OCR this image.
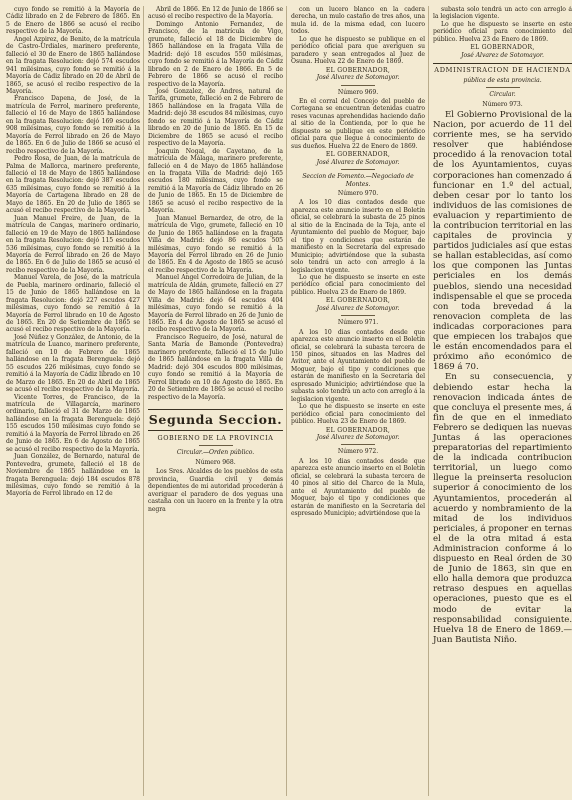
cuyo fondo se remitió á la Mayoría de Cádiz librado en 2 de Febrero de 1865. En 5 de Enero de 1866 se acusó el recibo respectivo de la Mayoría.

Angel Azpirez, de Benito, de la matrícula de Castro-Urdiales, marinero preferente, falleció el 30 de Enero de 1865 hallándose en la fragata Resolucion: dejó 574 escudos 941 milésimas, cuyo fondo se remitió á la Mayoría de Cádiz librado en 20 de Abril de 1865, se acusó el recibo respectivo de la Mayoría.

Francisco Dapena, de José, de la matrícula de Ferrol, marinero preferente, falleció el 16 de Mayo de 1865 hallándose en la fragata Resolucion: dejó 169 escudos 908 milésimas, cuyo fondo se remitió á la Mayoría de Ferrol librado en 26 de Mayo de 1865. En 6 de Julio de 1866 se acusó el recibo respectivo de la Mayoría.

Pedro Rosa, de Juan, de la matrícula de Palma de Mallorca, marinero preferente, falleció el 18 de Mayo de 1865 hallándose en la fragata Resolucion: dejó 387 escudos 635 milésimas, cuyo fondo se remitió á la Mayoría de Cartagena librado en 28 de Mayo de 1865. En 20 de Julio de 1865 se acusó el recibo respectivo de la Mayoría.

Juan Manuel Freire, de Juan, de la matrícula de Cangas, marinero ordinario, falleció en 19 de Mayo de 1865 hallándose en la fragata Resolucion: dejó 115 escudos 536 milésimas, cuyo fondo se remitió á la Mayoría de Ferrol librado en 26 de Mayo de 1865. En 6 de Julio de 1865 se acusó el recibo respectivo de la Mayoría.

Manuel Varela, de José, de la matrícula de Puebla, marinero ordinario, falleció el 15 de Junio de 1865 hallándose en la fragata Resolucion: dejó 227 escudos 427 milésimas, cuyo fondo se remitió á la Mayoría de Ferrol librado en 10 de Agosto de 1865. En 20 de Setiembre de 1865 se acusó el recibo respectivo de la Mayoría.

José Núñez y González, de Antonio, de la matrícula de Luanco, marinero preferente, falleció en 10 de Febrero de 1865 hallándose en la fragata Berenguela: dejó 55 escudos 226 milésimas, cuyo fondo se remitió á la Mayoría de Cádiz librado en 10 de Marzo de 1865. En 20 de Abril de 1865 se acusó el recibo respectivo de la Mayoría.

Vicente Torres, de Francisco, de la matrícula de Villagarcía, marinero ordinario, falleció el 31 de Marzo de 1865 hallándose en la fragata Berenguela: dejó 155 escudos 150 milésimas cuyo fondo se remitió á la Mayoría de Ferrol librado en 26 de Junio de 1865. En 6 de Agosto de 1865 se acusó el recibo respectivo de la Mayoría.

Juan González, de Bernardo, natural de Pontevedra, grumete, falleció el 18 de Noviembre de 1865 hallándose en la fragata Berenguela: dejó 184 escudos 878 milésimas, cuyo fondo se remitió á la Mayoría de Ferrol librado en 12 de

Abril de 1866. En 12 de Junio de 1866 se acusó el recibo respectivo de la Mayoría.

Domingo Antonio Fernandez, de Francisco, de la matrícula de Vigo, grumete, falleció el 18 de Diciembre de 1865 hallándose en la fragata Villa de Madrid: dejó 18 escudos 550 milésimas, cuyo fondo se remitió á la Mayoría de Cádiz librado en 2 de Enero de 1866. En 5 de Febrero de 1866 se acusó el recibo respectivo de la Mayoría.

José Gonzalez, de Andres, natural de Tarifa, grumete, falleció en 2 de Febrero de 1865 hallándose en la fragata Villa de Madrid: dejó 38 escudos 84 milésimas, cuyo fondo se remitió á la Mayoría de Cádiz librado en 20 de Junio de 1865. En 15 de Diciembre de 1865 se acusó el recibo respectivo de la Mayoría.

Joaquin Nogal, de Cayetano, de la matrícula de Málaga, marinero preferente, falleció en 4 de Mayo de 1865 hallándose en la fragata Villa de Madrid: dejó 165 escudos 180 milésimas, cuyo fondo se remitió á la Mayoría de Cádiz librado en 26 de Junio de 1865. En 15 de Diciembre de 1865 se acusó el recibo respectivo de la Mayoría.

Juan Manuel Bernardez, de otro, de la matrícula de Vigo, grumete, falleció en 10 de Junio de 1865 hallándose en la fragata Villa de Madrid: dejó 86 escudos 505 milésimas, cuyo fondo se remitió á la Mayoría del Ferrol librado en 26 de Junio de 1865. En 4 de Agosto de 1865 se acusó el recibo respectivo de la Mayoría.

Manuel Angel Corredoira de Julian, de la matrícula de Aldán, grumete, falleció en 27 de Mayo de 1865 hallándose en la fragata Villa de Madrid: dejó 64 escudos 404 milésimas, cuyo fondo se remitió á la Mayoría de Ferrol librado en 26 de Junio de 1865. En 4 de Agosto de 1865 se acusó el recibo respectivo de la Mayoría.

Francisco Regueiro, de José, natural de Santa María de Bamonde (Pontevedra) marinero preferente, falleció el 15 de Julio de 1865 hallándose en la fragata Villa de Madrid: dejó 304 escudos 800 milésimas, cuyo fondo se remitió á la Mayoría de Ferrol librado en 10 de Agosto de 1865. En 20 de Setiembre de 1865 se acusó el recibo respectivo de la Mayoría.

Segunda Seccion.

GOBIERNO DE LA PROVINCIA

Circular.—Orden público.

Número 968.

Los Sres. Alcaldes de los pueblos de esta provincia, Guardia civil y demás dependientes de mi autoridad procederán á averiguar el paradero de dos yeguas una castaña con un lucero en la frente y la otra negra

con un lucero blanco en la cadera derecha, un mulo castaño de tres años, una mula id. de la misma edad, con lucero todos.

Lo que he dispuesto se publique en el periódico oficial para que averiguen su paradero y sean entregados al Juez de Osuna. Huelva 22 de Enero de 1869.

EL GOBERNADOR,

José Alvarez de Sotomayor.

Número 969.

En el corral del Concejo del pueblo de Cortegana se encuentran detenidas cuatro reses vacunas aprehendidas haciendo daño al sitio de la Contienda, por lo que he dispuesto se publique en este periódico oficial para que llegue á conocimiento de sus dueños. Huelva 22 de Enero de 1869.

EL GOBERNADOR,

José Alvarez de Sotomayor.

Seccion de Fomento.—Negociado de Montes.

Número 970.

A los 10 dias contados desde que aparezca este anuncio inserto en el Boletín oficial, se celebrará la subasta de 25 pinos al sitio de la Encinada de la Teja, ante el Ayuntamiento del pueblo de Moguer, bajo el tipo y condiciones que estarán de manifiesto en la Secretaría del expresado Municipio; advirtiéndose que la subasta solo tendrá un acto con arreglo á la legislacion vigente.

Lo que he dispuesto se inserte en este periódico oficial para conocimiento del público. Huelva 23 de Enero de 1869.

EL GOBERNADOR,

José Alvarez de Sotomayor.

Número 971.

A los 10 dias contados desde que aparezca este anuncio inserto en el Boletín oficial, se celebrará la subasta tercera de 150 pinos, situados en las Madres del Avitor, ante el Ayuntamiento del pueblo de Moguer, bajo el tipo y condiciones que estarán de manifiesto en la Secretaría del espresado Municipio; advirtiéndose que la subasta solo tendrá un acto con arreglo á la legislacion vigente.

Lo que he dispuesto se inserte en este periódico oficial para conocimiento del público. Huelva 23 de Enero de 1869.

EL GOBERNADOR,

José Alvarez de Sotomayor.

Número 972.

A los 10 dias contados desde que aparezca este anuncio inserto en el Boletín oficial, se celebrará la subasta tercera de 40 pinos al sitio del Charco de la Mula, ante el Ayuntamiento del pueblo de Moguer, bajo el tipo y condiciones que estarán de manifiesto en la Secretaría del espresado Municipio; advirtiéndose que la

subasta solo tendrá un acto con arreglo á la legislacion vigente.

Lo que he dispuesto se inserte en este periódico oficial para conocimiento del público. Huelva 23 de Enero de 1869.

EL GOBERNADOR,

José Alvarez de Sotomayor.

ADMINISTRACION DE HACIENDA

pública de esta provincia.

Circular.

Número 973.

El Gobierno Provisional de la Nacion, por acuerdo de 11 del corriente mes, se ha servido resolver que habiéndose procedido á la renovacion total de los Ayuntamientos, cuyas corporaciones han comenzado á funcionar en 1.º del actual, deben cesar por lo tanto los individuos de las comisiones de evaluacion y repartimiento de la contribucion territorial en las capitales de provincia y partidos judiciales así que estas se hallan establecidas, así como los que componen las Juntas periciales en los demás pueblos, siendo una necesidad indispensable el que se proceda con toda brevedad á la renovacion completa de las indicadas corporaciones para que empiecen los trabajos que le están encomendados para el próximo año económico de 1869 á 70.

En su consecuencia, y debiendo estar hecha la renovacion indicada ántes de que concluya el presente mes, á fin de que en el inmediato Febrero se dediquen las nuevas Juntas á las operaciones preparatorias del repartimiento de la indicada contribucion territorial, un luego como llegue la preinserta resolucion superior á conocimiento de los Ayuntamientos, procederán al acuerdo y nombramiento de la mitad de los individuos periciales, á proponer en ternas el de la otra mitad á esta Administracion conforme á lo dispuesto en Real órden de 30 de Junio de 1863, sin que en ello halla demora que produzca retraso despues en aquellas operaciones, puesto que es el modo de evitar la responsabilidad consiguiente. Huelva 18 de Enero de 1869.—Juan Bautista Niño.
